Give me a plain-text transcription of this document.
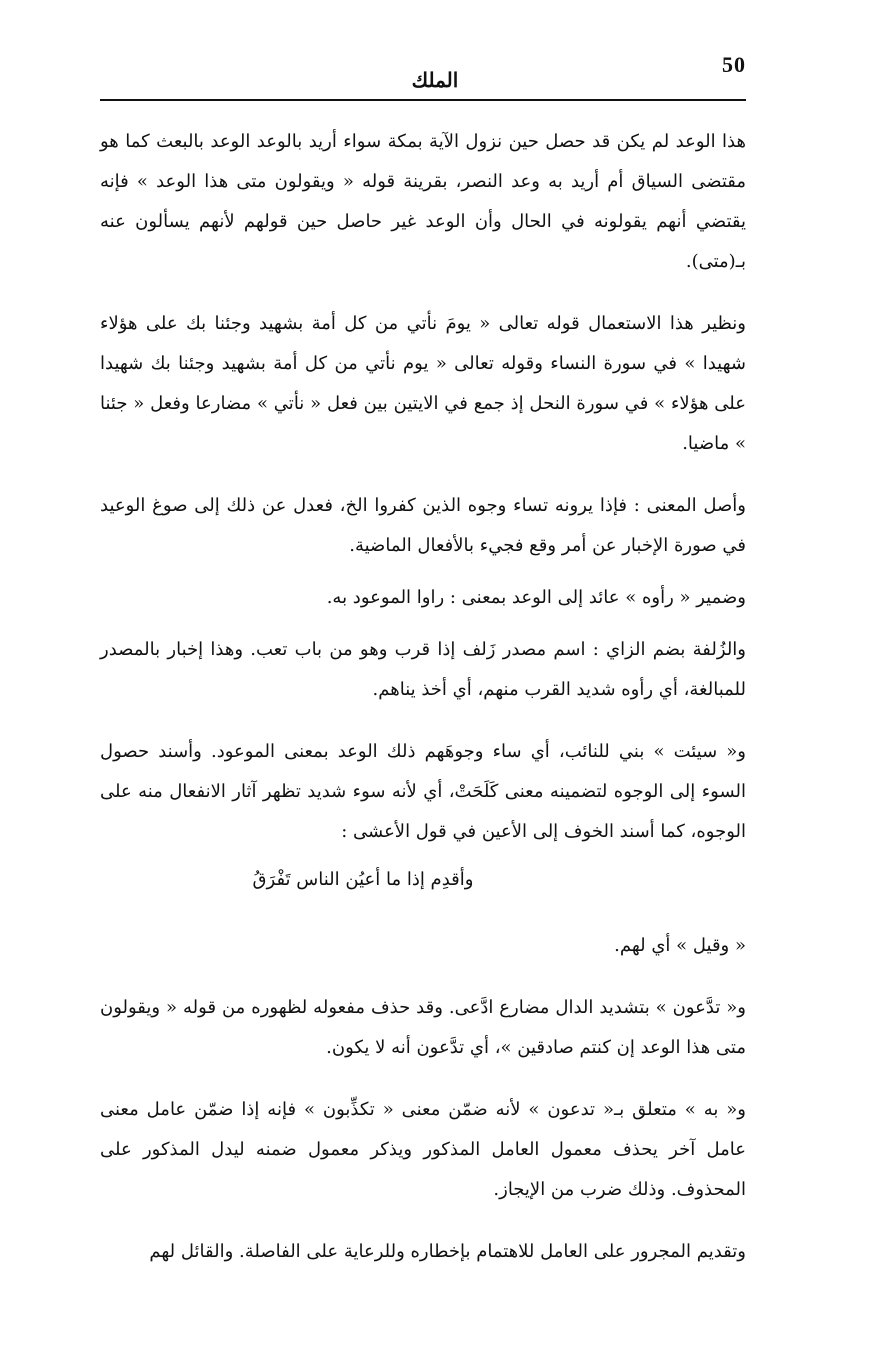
50
الملك

هذا الوعد لم يكن قد حصل حين نزول الآية بمكة سواء أريد بالوعد الوعد بالبعث كما هو مقتضى السياق أم أريد به وعد النصر، بقرينة قوله « ويقولون متى هذا الوعد » فإنه يقتضي أنهم يقولونه في الحال وأن الوعد غير حاصل حين قولهم لأنهم يسألون عنه بـ(متى).

ونظير هذا الاستعمال قوله تعالى « يومَ نأتي من كل أمة بشهيد وجئنا بك على هؤلاء شهيدا » في سورة النساء وقوله تعالى « يوم نأتي من كل أمة بشهيد وجئنا بك شهيدا على هؤلاء » في سورة النحل إذ جمع في الايتين بين فعل « نأتي » مضارعا وفعل « جئنا » ماضيا.

وأصل المعنى : فإذا يرونه تساء وجوه الذين كفروا الخ، فعدل عن ذلك إلى صوغ الوعيد في صورة الإخبار عن أمر وقع فجيء بالأفعال الماضية.

وضمير « رأوه » عائد إلى الوعد بمعنى : راوا الموعود به.

والزُلفة بضم الزاي : اسم مصدر زَلف إذا قرب وهو من باب تعب. وهذا إخبار بالمصدر للمبالغة، أي رأوه شديد القرب منهم، أي أخذ يناهم.

و« سيئت » بني للنائب، أي ساء وجوهَهم ذلك الوعد بمعنى الموعود. وأسند حصول السوء إلى الوجوه لتضمينه معنى كَلَحَتْ، أي لأنه سوء شديد تظهر آثار الانفعال منه على الوجوه، كما أسند الخوف إلى الأعين في قول الأعشى :

وأقدِم إذا ما أعيُن الناس تَفْرَقُ

« وقيل » أي لهم.

و« تدَّعون » بتشديد الدال مضارع ادَّعى. وقد حذف مفعوله لظهوره من قوله « ويقولون متى هذا الوعد إن كنتم صادقين »، أي تدَّعون أنه لا يكون.

و« به » متعلق بـ« تدعون » لأنه ضمّن معنى « تكذِّبون » فإنه إذا ضمّن عامل معنى عامل آخر يحذف معمول العامل المذكور ويذكر معمول ضمنه ليدل المذكور على المحذوف. وذلك ضرب من الإيجاز.

وتقديم المجرور على العامل للاهتمام بإخطاره وللرعاية على الفاصلة. والقائل لهم
